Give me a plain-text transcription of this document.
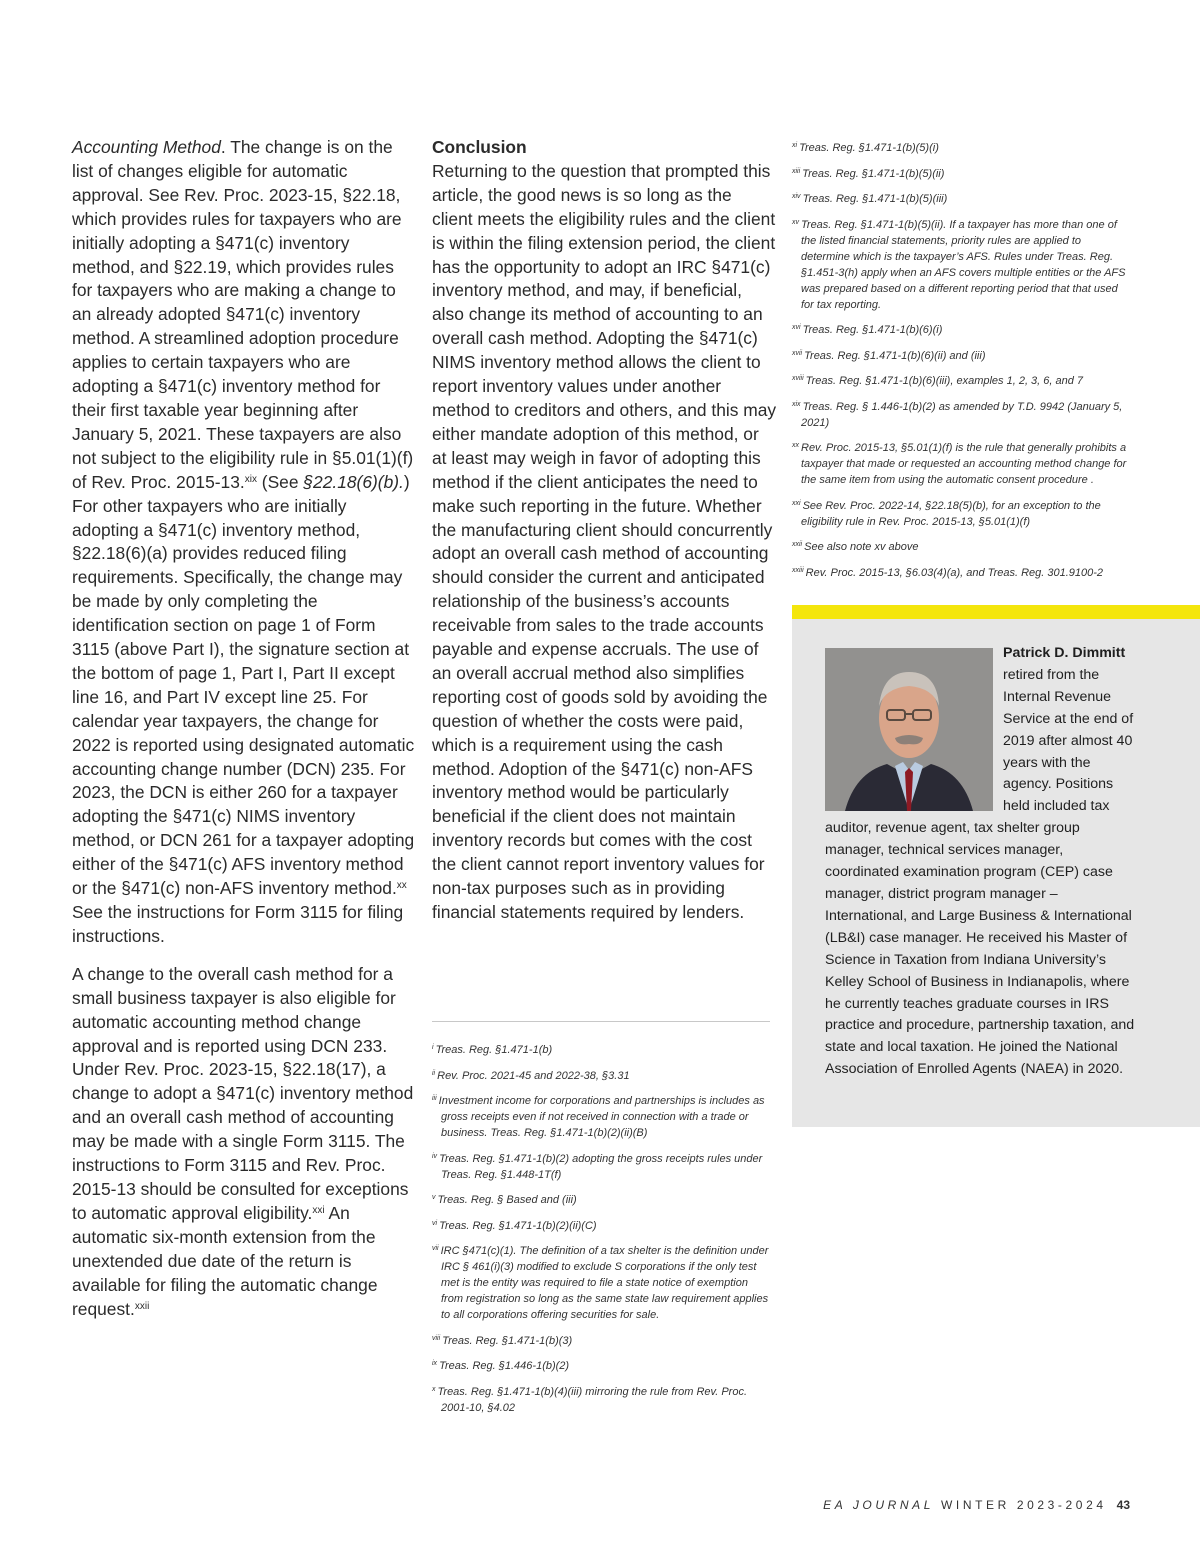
Accounting Method. The change is on the list of changes eligible for automatic approval. See Rev. Proc. 2023-15, §22.18, which provides rules for taxpayers who are initially adopting a §471(c) inventory method, and §22.19, which provides rules for taxpayers who are making a change to an already adopted §471(c) inventory method. A streamlined adoption procedure applies to certain taxpayers who are adopting a §471(c) inventory method for their first taxable year beginning after January 5, 2021. These taxpayers are also not subject to the eligibility rule in §5.01(1)(f) of Rev. Proc. 2015-13.$^{xix}$ (See §22.18(6)(b).) For other taxpayers who are initially adopting a §471(c) inventory method, §22.18(6)(a) provides reduced filing requirements. Specifically, the change may be made by only completing the identification section on page 1 of Form 3115 (above Part I), the signature section at the bottom of page 1, Part I, Part II except line 16, and Part IV except line 25. For calendar year taxpayers, the change for 2022 is reported using designated automatic accounting change number (DCN) 235. For 2023, the DCN is either 260 for a taxpayer adopting the §471(c) NIMS inventory method, or DCN 261 for a taxpayer adopting either of the §471(c) AFS inventory method or the §471(c) non-AFS inventory method.$^{xx}$ See the instructions for Form 3115 for filing instructions.

A change to the overall cash method for a small business taxpayer is also eligible for automatic accounting method change approval and is reported using DCN 233. Under Rev. Proc. 2023-15, §22.18(17), a change to adopt a §471(c) inventory method and an overall cash method of accounting may be made with a single Form 3115. The instructions to Form 3115 and Rev. Proc. 2015-13 should be consulted for exceptions to automatic approval eligibility.$^{xxi}$ An automatic six-month extension from the unextended due date of the return is available for filing the automatic change request.$^{xxii}$

Conclusion

Returning to the question that prompted this article, the good news is so long as the client meets the eligibility rules and the client is within the filing extension period, the client has the opportunity to adopt an IRC §471(c) inventory method, and may, if beneficial, also change its method of accounting to an overall cash method. Adopting the §471(c) NIMS inventory method allows the client to report inventory values under another method to creditors and others, and this may either mandate adoption of this method, or at least may weigh in favor of adopting this method if the client anticipates the need to make such reporting in the future. Whether the manufacturing client should concurrently adopt an overall cash method of accounting should consider the current and anticipated relationship of the business’s accounts receivable from sales to the trade accounts payable and expense accruals. The use of an overall accrual method also simplifies reporting cost of goods sold by avoiding the question of whether the costs were paid, which is a requirement using the cash method. Adoption of the §471(c) non-AFS inventory method would be particularly beneficial if the client does not maintain inventory records but comes with the cost the client cannot report inventory values for non-tax purposes such as in providing financial statements required by lenders.

$^i$ Treas. Reg. §1.471-1(b)

$^{ii}$ Rev. Proc. 2021-45 and 2022-38, §3.31

$^{iii}$ Investment income for corporations and partnerships is includes as gross receipts even if not received in connection with a trade or business. Treas. Reg. §1.471-1(b)(2)(ii)(B)

$^{iv}$ Treas. Reg. §1.471-1(b)(2) adopting the gross receipts rules under Treas. Reg. §1.448-1T(f)

$^v$ Treas. Reg. § Based and (iii)

$^{vi}$ Treas. Reg. §1.471-1(b)(2)(ii)(C)

$^{vii}$ IRC §471(c)(1). The definition of a tax shelter is the definition under IRC § 461(i)(3) modified to exclude S corporations if the only test met is the entity was required to file a state notice of exemption from registration so long as the same state law requirement applies to all corporations offering securities for sale.

$^{viii}$ Treas. Reg. §1.471-1(b)(3)

$^{ix}$ Treas. Reg. §1.446-1(b)(2)

$^x$ Treas. Reg. §1.471-1(b)(4)(iii) mirroring the rule from Rev. Proc. 2001-10, §4.02

$^{xi}$ Treas. Reg. §1.471-1(b)(5)(i)

$^{xiii}$ Treas. Reg. §1.471-1(b)(5)(ii)

$^{xiv}$ Treas. Reg. §1.471-1(b)(5)(iii)

$^{xv}$ Treas. Reg. §1.471-1(b)(5)(ii). If a taxpayer has more than one of the listed financial statements, priority rules are applied to determine which is the taxpayer’s AFS. Rules under Treas. Reg. §1.451-3(h) apply when an AFS covers multiple entities or the AFS was prepared based on a different reporting period that that used for tax reporting.

$^{xvi}$ Treas. Reg. §1.471-1(b)(6)(i)

$^{xvii}$ Treas. Reg. §1.471-1(b)(6)(ii) and (iii)

$^{xviii}$ Treas. Reg. §1.471-1(b)(6)(iii), examples 1, 2, 3, 6, and 7

$^{xix}$ Treas. Reg. § 1.446-1(b)(2) as amended by T.D. 9942 (January 5, 2021)

$^{xx}$ Rev. Proc. 2015-13, §5.01(1)(f) is the rule that generally prohibits a taxpayer that made or requested an accounting method change for the same item from using the automatic consent procedure .

$^{xxi}$ See Rev. Proc. 2022-14, §22.18(5)(b), for an exception to the eligibility rule in Rev. Proc. 2015-13, §5.01(1)(f)

$^{xxii}$ See also note xv above

$^{xxiii}$ Rev. Proc. 2015-13, §6.03(4)(a), and Treas. Reg. 301.9100-2

Patrick D. Dimmitt retired from the Internal Revenue Service at the end of 2019 after almost 40 years with the agency. Positions held included tax auditor, revenue agent, tax shelter group manager, technical services manager, coordinated examination program (CEP) case manager, district program manager – International, and Large Business & International (LB&I) case manager. He received his Master of Science in Taxation from Indiana University’s Kelley School of Business in Indianapolis, where he currently teaches graduate courses in IRS practice and procedure, partnership taxation, and state and local taxation. He joined the National Association of Enrolled Agents (NAEA) in 2020.
EA JOURNAL WINTER 2023-2024 43
